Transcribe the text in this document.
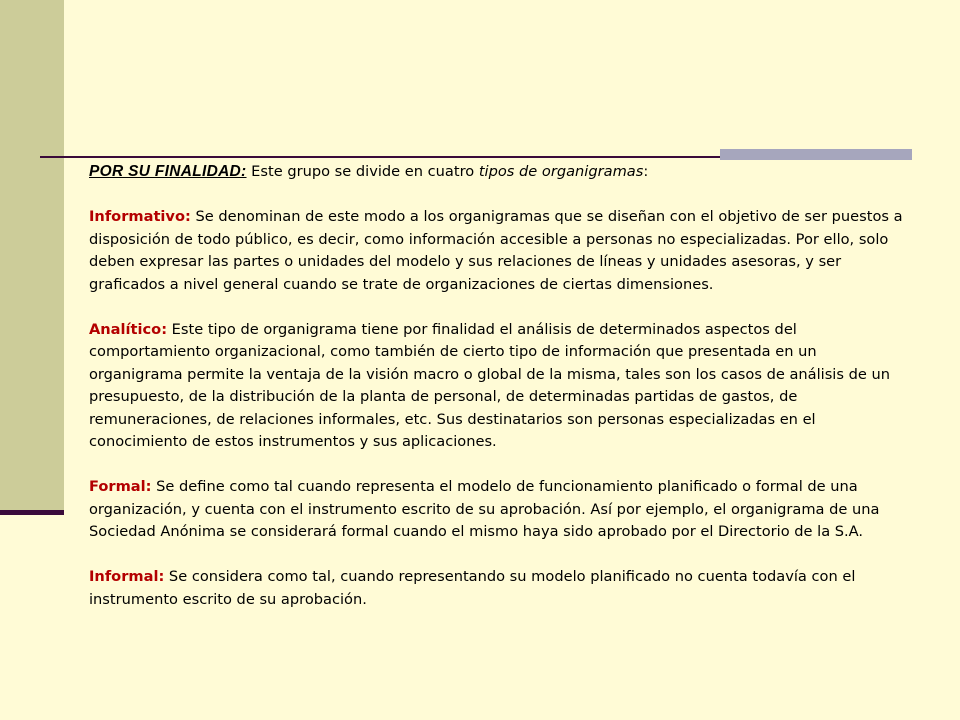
POR SU FINALIDAD: Este grupo se divide en cuatro tipos de organigramas:

Informativo: Se denominan de este modo a los organigramas que se diseñan con el objetivo de ser puestos a disposición de todo público, es decir, como información accesible a personas no especializadas. Por ello, solo deben expresar las partes o unidades del modelo y sus relaciones de líneas y unidades asesoras, y ser graficados a nivel general cuando se trate de organizaciones de ciertas dimensiones.

Analítico: Este tipo de organigrama tiene por finalidad el análisis de determinados aspectos del comportamiento organizacional, como también de cierto tipo de información que presentada en un organigrama permite la ventaja de la visión macro o global de la misma, tales son los casos de análisis de un presupuesto, de la distribución de la planta de personal, de determinadas partidas de gastos, de remuneraciones, de relaciones informales, etc. Sus destinatarios son personas especializadas en el conocimiento de estos instrumentos y sus aplicaciones.

Formal: Se define como tal cuando representa el modelo de funcionamiento planificado o formal de una organización, y cuenta con el instrumento escrito de su aprobación. Así por ejemplo, el organigrama de una Sociedad Anónima se considerará formal cuando el mismo haya sido aprobado por el Directorio de la S.A.

Informal: Se considera como tal, cuando representando su modelo planificado no cuenta todavía con el instrumento escrito de su aprobación.
